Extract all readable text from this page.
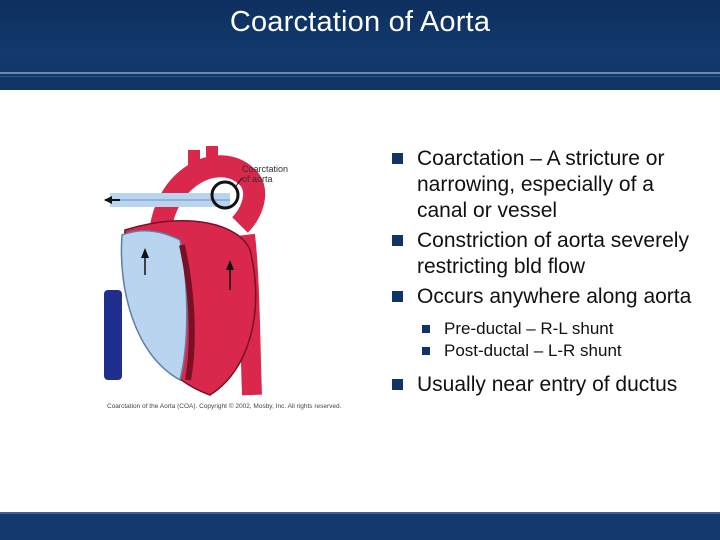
Coarctation of Aorta
Coarctation
of aorta
Coarctation of the Aorta (COA). Copyright © 2002, Mosby, Inc. All rights reserved.
Coarctation – A stricture or narrowing, especially of a canal or vessel
Constriction of aorta severely restricting bld flow
Occurs anywhere along aorta
Pre-ductal – R-L shunt
Post-ductal – L-R shunt
Usually near entry of ductus
